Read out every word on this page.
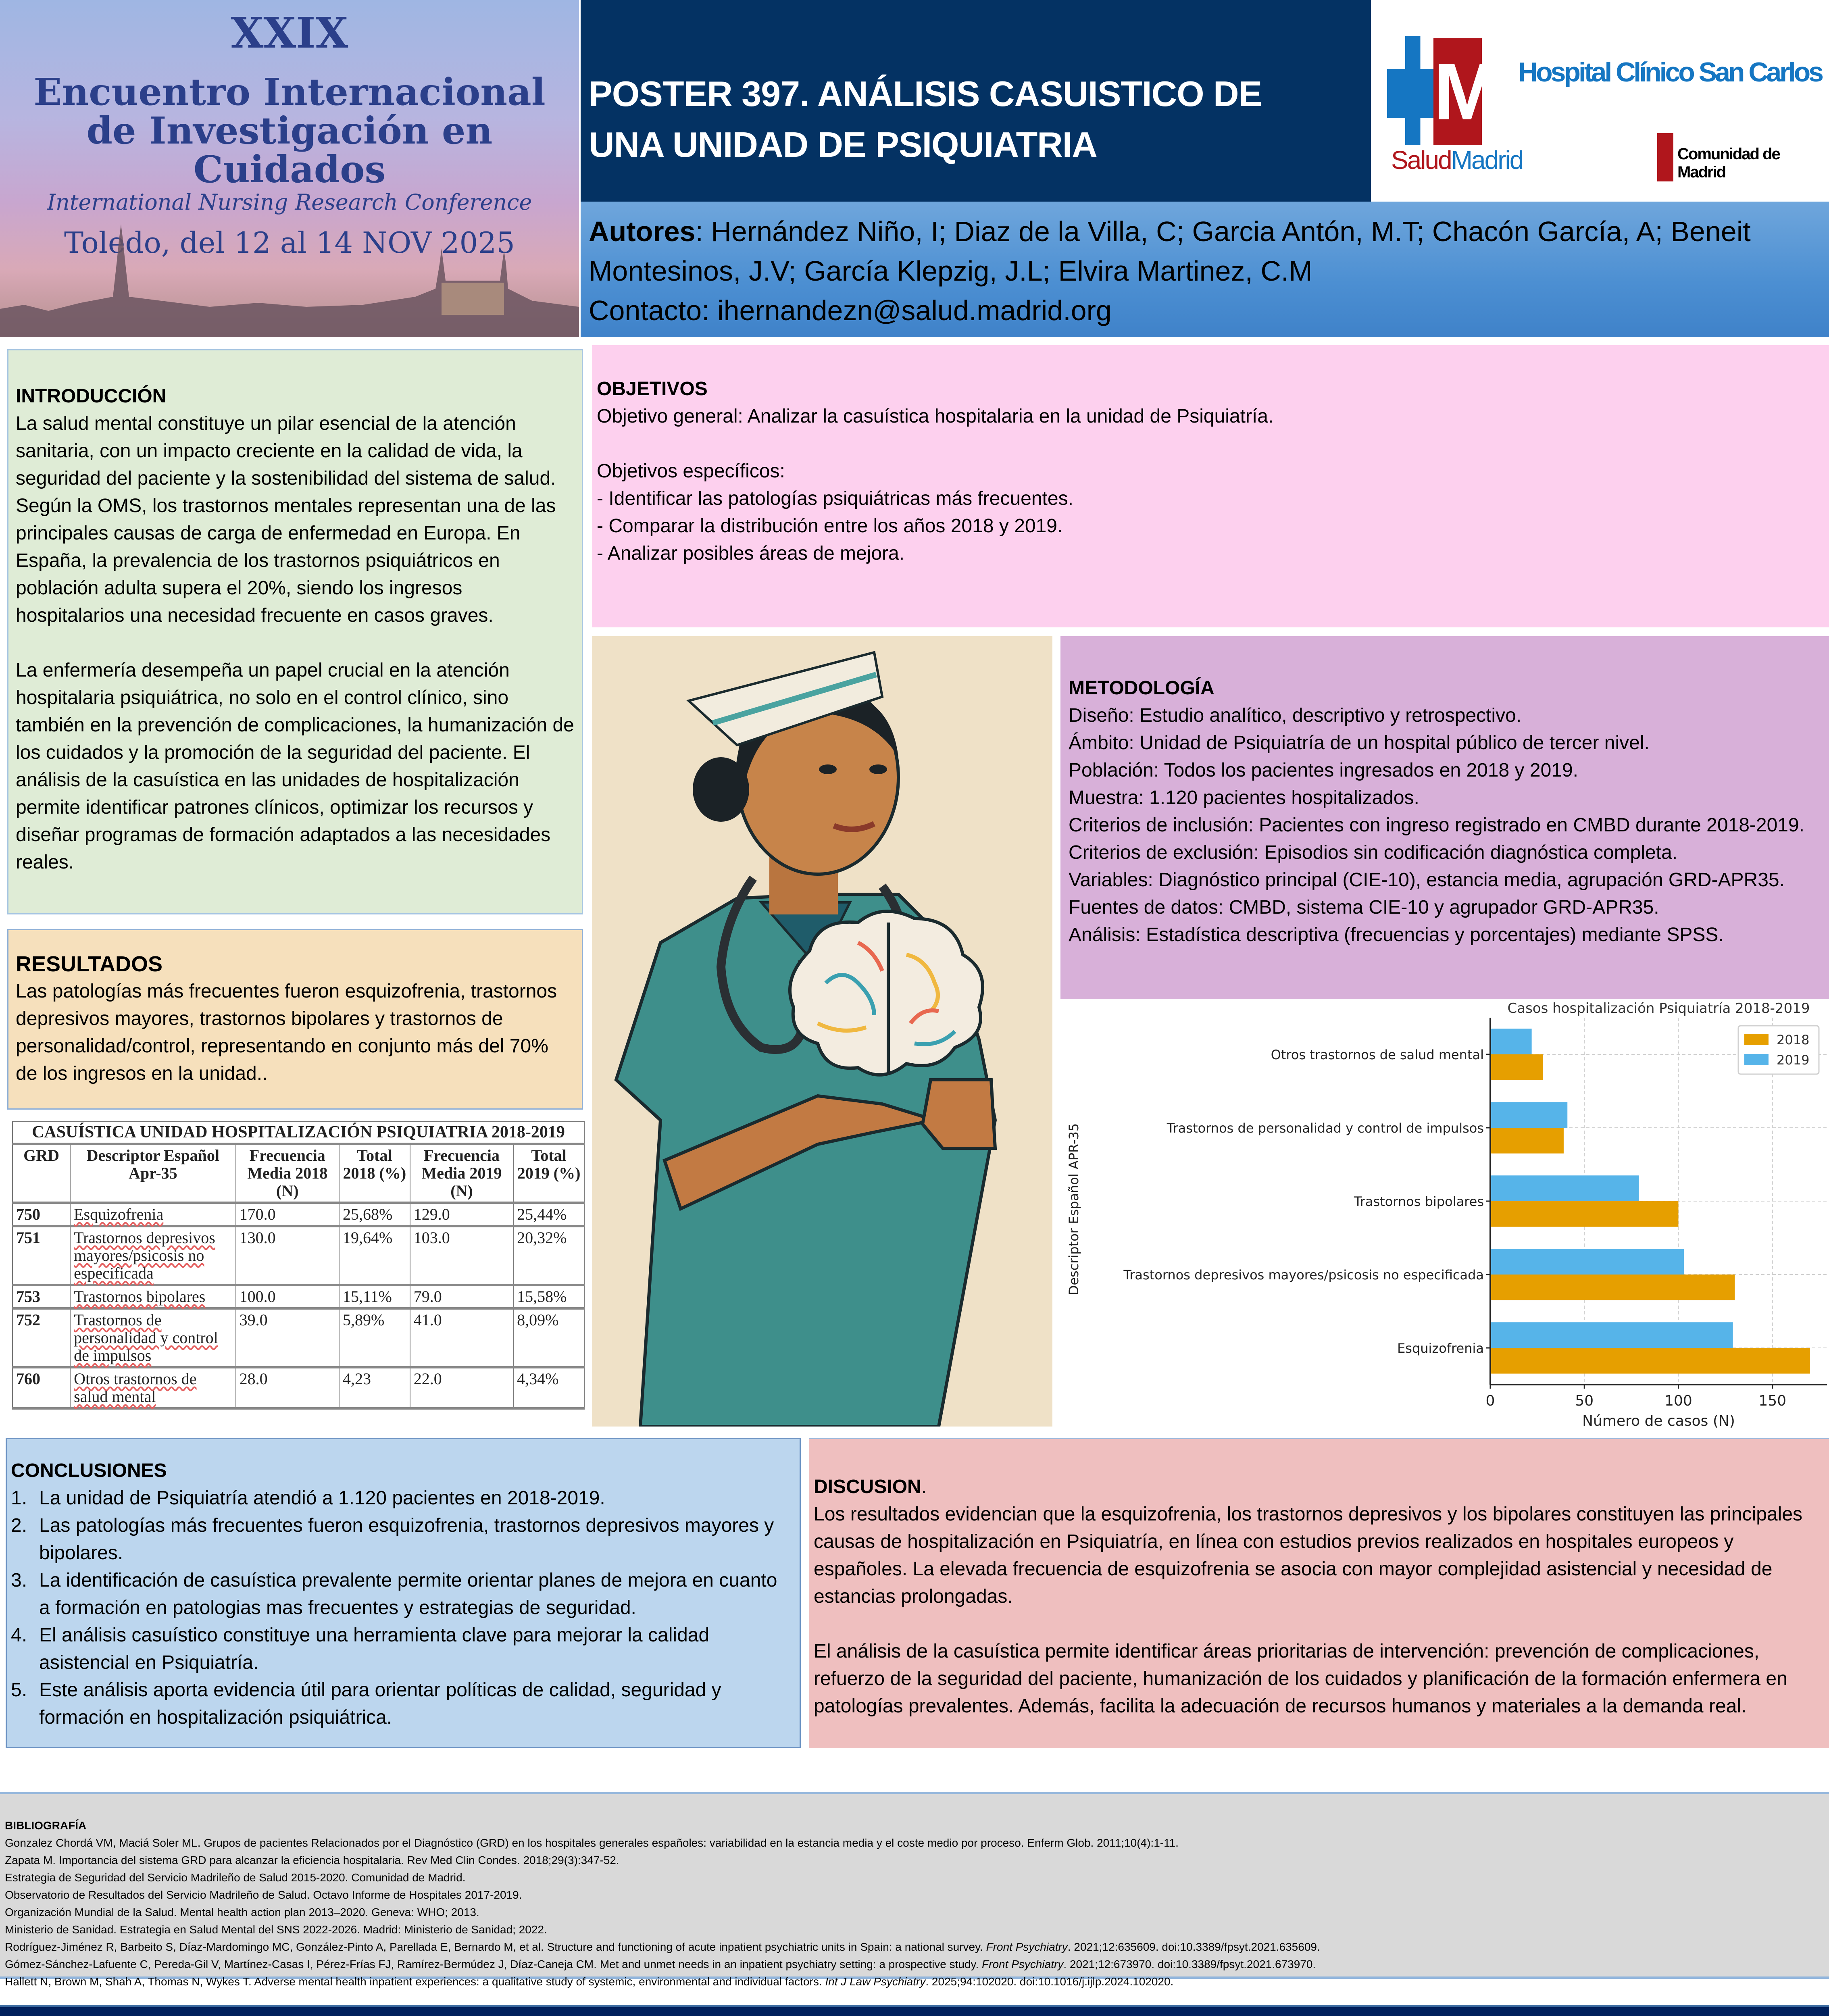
XXIX
Encuentro Internacional
de Investigación en
Cuidados
International Nursing Research Conference
Toledo, del 12 al 14 NOV 2025
POSTER 397. ANÁLISIS CASUISTICO DE
UNA UNIDAD DE PSIQUIATRIA
M Hospital Clínico San Carlos
SaludMadrid	Comunidad de Madrid

Autores: Hernández Niño, I; Diaz de la Villa, C; Garcia Antón, M.T; Chacón García, A; Beneit Montesinos, J.V; García Klepzig, J.L; Elvira Martinez, C.M
Contacto: ihernandezn@salud.madrid.org

INTRODUCCIÓN

La salud mental constituye un pilar esencial de la atención sanitaria, con un impacto creciente en la calidad de vida, la seguridad del paciente y la sostenibilidad del sistema de salud. Según la OMS, los trastornos mentales representan una de las principales causas de carga de enfermedad en Europa. En España, la prevalencia de los trastornos psiquiátricos en población adulta supera el 20%, siendo los ingresos hospitalarios una necesidad frecuente en casos graves.

La enfermería desempeña un papel crucial en la atención hospitalaria psiquiátrica, no solo en el control clínico, sino también en la prevención de complicaciones, la humanización de los cuidados y la promoción de la seguridad del paciente. El análisis de la casuística en las unidades de hospitalización permite identificar patrones clínicos, optimizar los recursos y diseñar programas de formación adaptados a las necesidades reales.

RESULTADOS

Las patologías más frecuentes fueron esquizofrenia, trastornos depresivos mayores, trastornos bipolares y trastornos de personalidad/control, representando en conjunto más del 70% de los ingresos en la unidad..

CASUÍSTICA UNIDAD HOSPITALIZACIÓN PSIQUIATRIA 2018-2019					
GRD	Descriptor Español Apr-35	Frecuencia Media 2018 (N)	Total 2018 (%)	Frecuencia Media 2019 (N)	Total 2019 (%)
750	Esquizofrenia	170.0	25,68%	129.0	25,44%
751	Trastornos depresivos mayores/psicosis no especificada	130.0	19,64%	103.0	20,32%
753	Trastornos bipolares	100.0	15,11%	79.0	15,58%
752	Trastornos de personalidad y control de impulsos	39.0	5,89%	41.0	8,09%
760	Otros trastornos de salud mental	28.0	4,23	22.0	4,34%
OBJETIVOS

Objetivo general: Analizar la casuística hospitalaria en la unidad de Psiquiatría.

Objetivos específicos:

- Identificar las patologías psiquiátricas más frecuentes.

- Comparar la distribución entre los años 2018 y 2019.

- Analizar posibles áreas de mejora.

METODOLOGÍA

Diseño: Estudio analítico, descriptivo y retrospectivo.

Ámbito: Unidad de Psiquiatría de un hospital público de tercer nivel.

Población: Todos los pacientes ingresados en 2018 y 2019.

Muestra: 1.120 pacientes hospitalizados.

Criterios de inclusión: Pacientes con ingreso registrado en CMBD durante 2018-2019.

Criterios de exclusión: Episodios sin codificación diagnóstica completa.

Variables: Diagnóstico principal (CIE-10), estancia media, agrupación GRD-APR35.

Fuentes de datos: CMBD, sistema CIE-10 y agrupador GRD-APR35.

Análisis: Estadística descriptiva (frecuencias y porcentajes) mediante SPSS.

Casos hospitalización Psiquiatría 2018-2019
0	50	100	150
Esquizofrenia
Trastornos depresivos mayores/psicosis no especificada
Trastornos bipolares
Trastornos de personalidad y control de impulsos
Otros trastornos de salud mental
Número de casos (N)
Descriptor Español APR-35
2018
2019
CONCLUSIONES
1. La unidad de Psiquiatría atendió a 1.120 pacientes en 2018-2019.
2. Las patologías más frecuentes fueron esquizofrenia, trastornos depresivos mayores y bipolares.
3. La identificación de casuística prevalente permite orientar planes de mejora en cuanto a formación en patologias mas frecuentes y estrategias de seguridad.
4. El análisis casuístico constituye una herramienta clave para mejorar la calidad asistencial en Psiquiatría.
5. Este análisis aporta evidencia útil para orientar políticas de calidad, seguridad y formación en hospitalización psiquiátrica.
DISCUSION.

Los resultados evidencian que la esquizofrenia, los trastornos depresivos y los bipolares constituyen las principales causas de hospitalización en Psiquiatría, en línea con estudios previos realizados en hospitales europeos y españoles. La elevada frecuencia de esquizofrenia se asocia con mayor complejidad asistencial y necesidad de estancias prolongadas.

El análisis de la casuística permite identificar áreas prioritarias de intervención: prevención de complicaciones, refuerzo de la seguridad del paciente, humanización de los cuidados y planificación de la formación enfermera en patologías prevalentes. Además, facilita la adecuación de recursos humanos y materiales a la demanda real.

BIBLIOGRAFÍA

Gonzalez Chordá VM, Maciá Soler ML. Grupos de pacientes Relacionados por el Diagnóstico (GRD) en los hospitales generales españoles: variabilidad en la estancia media y el coste medio por proceso. Enferm Glob. 2011;10(4):1-11.

Zapata M. Importancia del sistema GRD para alcanzar la eficiencia hospitalaria. Rev Med Clin Condes. 2018;29(3):347-52.

Estrategia de Seguridad del Servicio Madrileño de Salud 2015-2020. Comunidad de Madrid.

Observatorio de Resultados del Servicio Madrileño de Salud. Octavo Informe de Hospitales 2017-2019.

Organización Mundial de la Salud. Mental health action plan 2013–2020. Geneva: WHO; 2013.

Ministerio de Sanidad. Estrategia en Salud Mental del SNS 2022-2026. Madrid: Ministerio de Sanidad; 2022.

Rodríguez-Jiménez R, Barbeito S, Díaz-Mardomingo MC, González-Pinto A, Parellada E, Bernardo M, et al. Structure and functioning of acute inpatient psychiatric units in Spain: a national survey. Front Psychiatry. 2021;12:635609. doi:10.3389/fpsyt.2021.635609.

Gómez-Sánchez-Lafuente C, Pereda-Gil V, Martínez-Casas I, Pérez-Frías FJ, Ramírez-Bermúdez J, Díaz-Caneja CM. Met and unmet needs in an inpatient psychiatry setting: a prospective study. Front Psychiatry. 2021;12:673970. doi:10.3389/fpsyt.2021.673970.

Hallett N, Brown M, Shah A, Thomas N, Wykes T. Adverse mental health inpatient experiences: a qualitative study of systemic, environmental and individual factors. Int J Law Psychiatry. 2025;94:102020. doi:10.1016/j.ijlp.2024.102020.
